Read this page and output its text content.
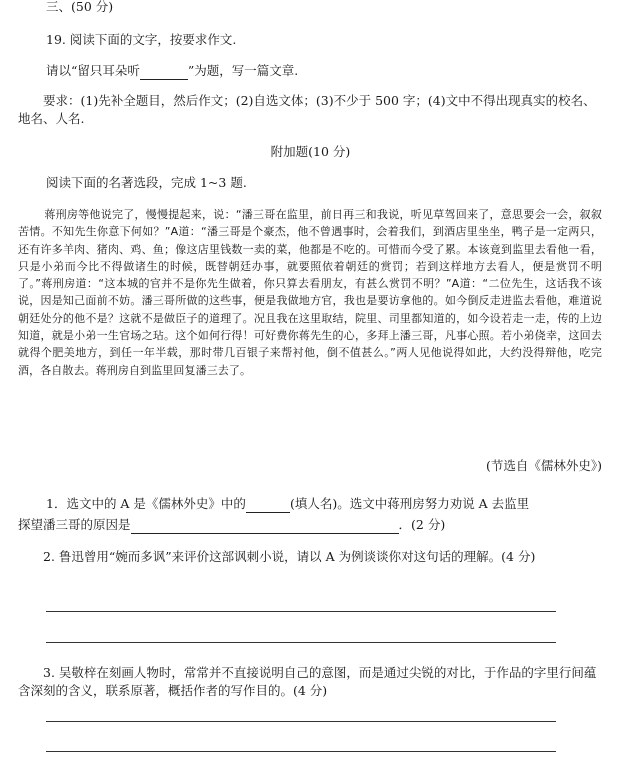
三、(50 分)

19. 阅读下面的文字，按要求作文.

请以“留只耳朵听	”为题，写一篇文章.

要求：(1)先补全题目，然后作文；(2)自选文体；(3)不少于 500 字；(4)文中不得出现真实的校名、地名、人名.

附加题(10 分)

阅读下面的名著选段，完成 1~3 题.

蒋刑房等他说完了，慢慢提起来，说：“潘三哥在监里，前日再三和我说，听见草驾回来了，意思要会一会，叙叙苦情。不知先生你意下何如？”A道：“潘三哥是个豪杰，他不曾遇事时，会着我们，到酒店里坐坐，鸭子是一定两只，还有许多羊肉、猪肉、鸡、鱼；像这店里钱数一卖的菜，他都是不吃的。可惜而今受了累。本该竟到监里去看他一看，只是小弟而今比不得做诸生的时候，既替朝廷办事，就要照依着朝廷的赏罚；若到这样地方去看人，便是赏罚不明了。”蒋刑房道：“这本城的官并不是你先生做着，你只算去看朋友，有甚么赏罚不明？”A道：“二位先生，这话我不该说，因是知己面前不妨。潘三哥所做的这些事，便是我做地方官，我也是要访拿他的。如今倒反走进监去看他，难道说朝廷处分的他不是？这就不是做臣子的道理了。况且我在这里取结，院里、司里都知道的，如今设若走一走，传的上边知道，就是小弟一生官场之玷。这个如何行得！可好费你蒋先生的心，多拜上潘三哥，凡事心照。若小弟侥幸，这回去就得个肥美地方，到任一年半载，那时带几百银子来帮衬他，倒不值甚么。”两人见他说得如此，大约没得辩他，吃完酒，各自散去。蒋刑房自到监里回复潘三去了。

(节选自《儒林外史》)

1．选文中的 A 是《儒林外史》中的	(填人名)。选文中蒋刑房努力劝说 A 去监里

探望潘三哥的原因是	．(2 分)

2. 鲁迅曾用“婉而多讽”来评价这部讽刺小说，请以 A 为例谈谈你对这句话的理解。(4 分)

3. 吴敬梓在刻画人物时，常常并不直接说明自己的意图，而是通过尖锐的对比，于作品的字里行间蕴含深刻的含义，联系原著，概括作者的写作目的。(4 分)
